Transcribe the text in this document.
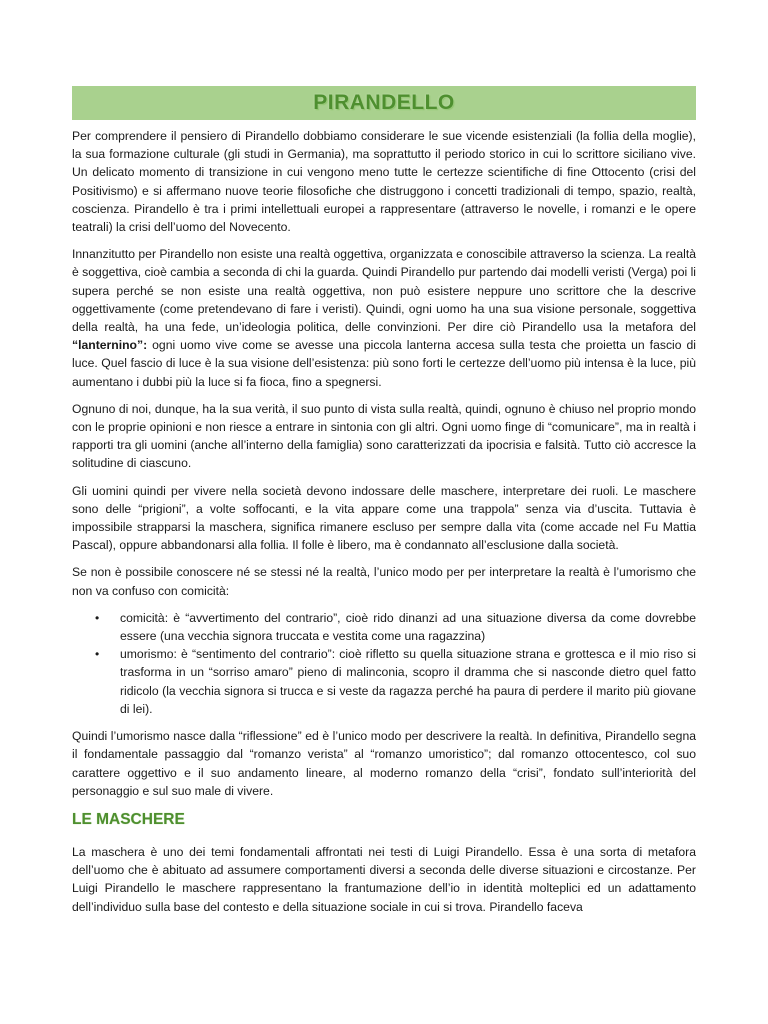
PIRANDELLO

Per comprendere il pensiero di Pirandello dobbiamo considerare le sue vicende esistenziali (la follia della moglie), la sua formazione culturale (gli studi in Germania), ma soprattutto il periodo storico in cui lo scrittore siciliano vive. Un delicato momento di transizione in cui vengono meno tutte le certezze scientifiche di fine Ottocento (crisi del Positivismo) e si affermano nuove teorie filosofiche che distruggono i concetti tradizionali di tempo, spazio, realtà, coscienza. Pirandello è tra i primi intellettuali europei a rappresentare (attraverso le novelle, i romanzi e le opere teatrali) la crisi dell’uomo del Novecento.

Innanzitutto per Pirandello non esiste una realtà oggettiva, organizzata e conoscibile attraverso la scienza. La realtà è soggettiva, cioè cambia a seconda di chi la guarda. Quindi Pirandello pur partendo dai modelli veristi (Verga) poi li supera perché se non esiste una realtà oggettiva, non può esistere neppure uno scrittore che la descrive oggettivamente (come pretendevano di fare i veristi). Quindi, ogni uomo ha una sua visione personale, soggettiva della realtà, ha una fede, un’ideologia politica, delle convinzioni. Per dire ciò Pirandello usa la metafora del “lanternino”: ogni uomo vive come se avesse una piccola lanterna accesa sulla testa che proietta un fascio di luce. Quel fascio di luce è la sua visione dell’esistenza: più sono forti le certezze dell’uomo più intensa è la luce, più aumentano i dubbi più la luce si fa fioca, fino a spegnersi.

Ognuno di noi, dunque, ha la sua verità, il suo punto di vista sulla realtà, quindi, ognuno è chiuso nel proprio mondo con le proprie opinioni e non riesce a entrare in sintonia con gli altri. Ogni uomo finge di “comunicare”, ma in realtà i rapporti tra gli uomini (anche all’interno della famiglia) sono caratterizzati da ipocrisia e falsità. Tutto ciò accresce la solitudine di ciascuno.

Gli uomini quindi per vivere nella società devono indossare delle maschere, interpretare dei ruoli. Le maschere sono delle “prigioni”, a volte soffocanti, e la vita appare come una trappola” senza via d’uscita. Tuttavia è impossibile strapparsi la maschera, significa rimanere escluso per sempre dalla vita (come accade nel Fu Mattia Pascal), oppure abbandonarsi alla follia. Il folle è libero, ma è condannato all’esclusione dalla società.

Se non è possibile conoscere né se stessi né la realtà, l’unico modo per per interpretare la realtà è l’umorismo che non va confuso con comicità:

• comicità: è “avvertimento del contrario”, cioè rido dinanzi ad una situazione diversa da come dovrebbe essere (una vecchia signora truccata e vestita come una ragazzina)
• umorismo: è “sentimento del contrario”: cioè rifletto su quella situazione strana e grottesca e il mio riso si trasforma in un “sorriso amaro” pieno di malinconia, scopro il dramma che si nasconde dietro quel fatto ridicolo (la vecchia signora si trucca e si veste da ragazza perché ha paura di perdere il marito più giovane di lei).

Quindi l’umorismo nasce dalla “riflessione” ed è l’unico modo per descrivere la realtà. In definitiva, Pirandello segna il fondamentale passaggio dal “romanzo verista” al “romanzo umoristico”; dal romanzo ottocentesco, col suo carattere oggettivo e il suo andamento lineare, al moderno romanzo della “crisi”, fondato sull’interiorità del personaggio e sul suo male di vivere.

LE MASCHERE

La maschera è uno dei temi fondamentali affrontati nei testi di Luigi Pirandello. Essa è una sorta di metafora dell’uomo che è abituato ad assumere comportamenti diversi a seconda delle diverse situazioni e circostanze. Per Luigi Pirandello le maschere rappresentano la frantumazione dell’io in identità molteplici ed un adattamento dell’individuo sulla base del contesto e della situazione sociale in cui si trova. Pirandello faceva
